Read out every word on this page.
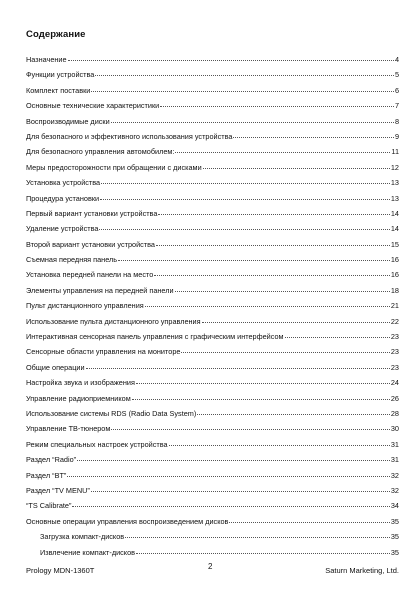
Содержание
Назначение	4
Функции устройства	5
Комплект поставки	6
Основные технические характеристики	7
Воспроизводимые диски	8
Для безопасного и эффективного использования устройства	9
Для безопасного управления автомобилем:	11
Меры предосторожности при обращении с дисками	12
Установка устройства	13
Процедура установки	13
Первый вариант установки устройства	14
Удаление устройства	14
Второй вариант установки устройства	15
Съемная передняя панель	16
Установка передней панели на место	16
Элементы управления на передней панели	18
Пульт дистанционного управления	21
Использование пульта дистанционного управления	22
Интерактивная сенсорная панель управления с графическим интерфейсом	23
Сенсорные области управления на мониторе	23
Общие операции	23
Настройка звука и изображения	24
Управление радиоприемником	26
Использование системы RDS (Radio Data System)	28
Управление ТВ-тюнером	30
Режим специальных настроек устройства	31
Раздел “Radio”	31
Раздел “BT”	32
Раздел “TV MENU”	32
“TS Calibrate”	34
Основные операции управления воспроизведением дисков	35
Загрузка компакт-дисков	35
Извлечение компакт-дисков	35
Prology MDN-1360T	2	Saturn Marketing, Ltd.
